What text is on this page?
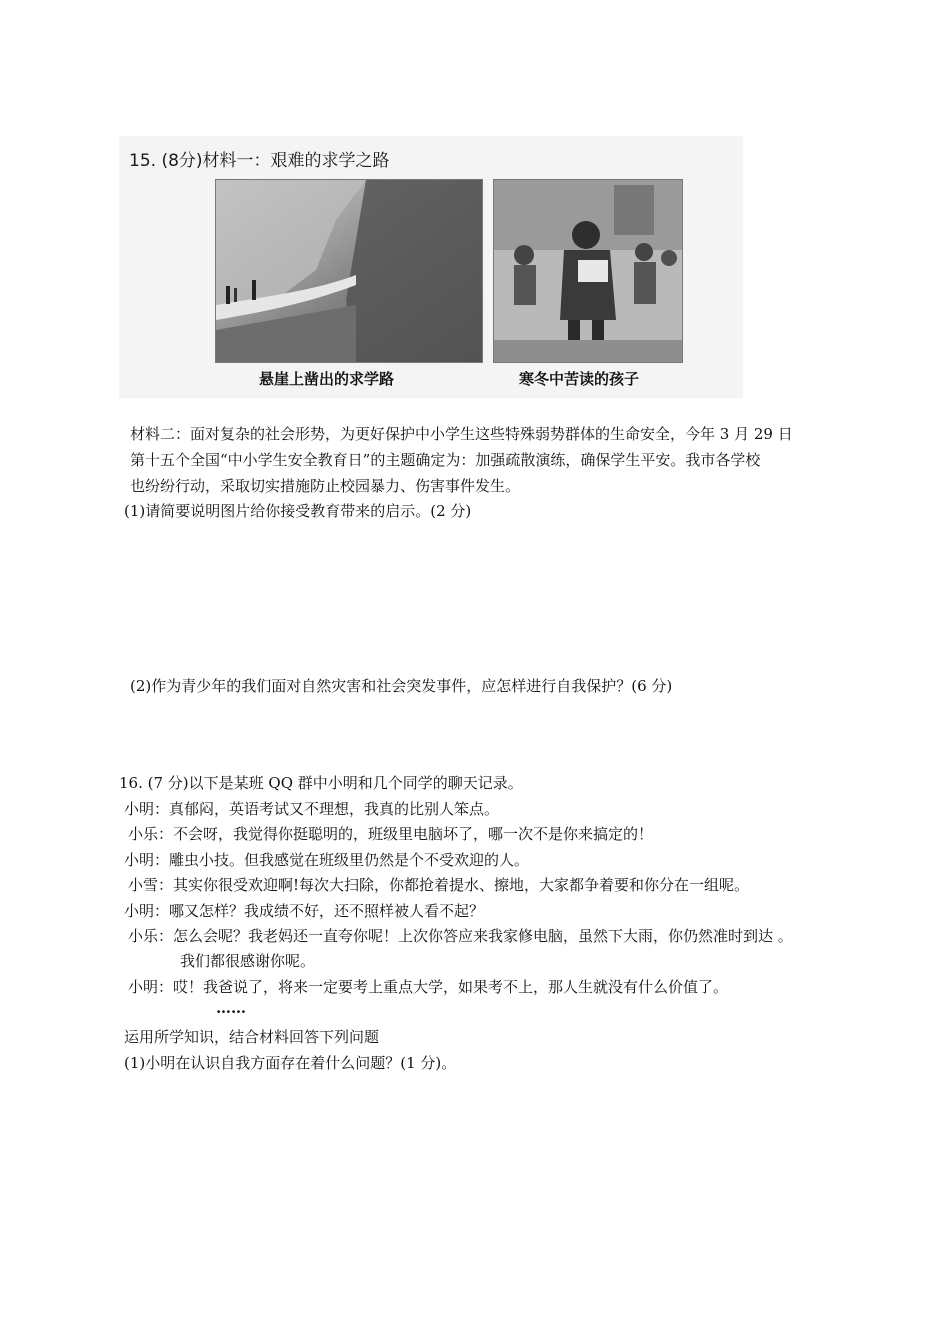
15. (8分)材料一：艰难的求学之路
悬崖上凿出的求学路	寒冬中苦读的孩子
材料二：面对复杂的社会形势，为更好保护中小学生这些特殊弱势群体的生命安全，今年 3 月 29 日
第十五个全国“中小学生安全教育日”的主题确定为：加强疏散演练，确保学生平安。我市各学校
也纷纷行动，采取切实措施防止校园暴力、伤害事件发生。
(1)请简要说明图片给你接受教育带来的启示。(2 分)
(2)作为青少年的我们面对自然灾害和社会突发事件，应怎样进行自我保护？(6 分)
16. (7 分)以下是某班 QQ 群中小明和几个同学的聊天记录。
小明：真郁闷，英语考试又不理想，我真的比别人笨点。
小乐：不会呀，我觉得你挺聪明的，班级里电脑坏了，哪一次不是你来搞定的！
小明：雕虫小技。但我感觉在班级里仍然是个不受欢迎的人。
小雪：其实你很受欢迎啊!每次大扫除，你都抢着提水、擦地，大家都争着要和你分在一组呢。
小明：哪又怎样？我成绩不好，还不照样被人看不起？
小乐：怎么会呢？我老妈还一直夸你呢！上次你答应来我家修电脑，虽然下大雨，你仍然准时到达 。
我们都很感谢你呢。
小明：哎！我爸说了，将来一定要考上重点大学，如果考不上，那人生就没有什么价值了。
……
运用所学知识，结合材料回答下列问题
(1)小明在认识自我方面存在着什么问题？(1 分)。
